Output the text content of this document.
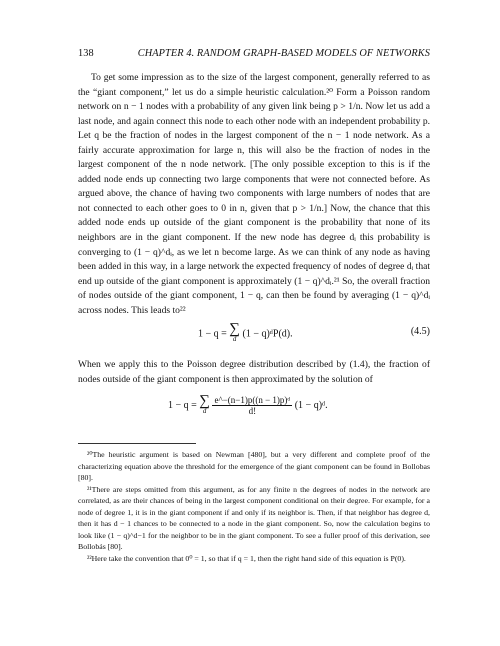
138	CHAPTER 4. RANDOM GRAPH-BASED MODELS OF NETWORKS

To get some impression as to the size of the largest component, generally referred to as the “giant component,” let us do a simple heuristic calculation.²⁰ Form a Poisson random network on n − 1 nodes with a probability of any given link being p > 1/n. Now let us add a last node, and again connect this node to each other node with an independent probability p. Let q be the fraction of nodes in the largest component of the n − 1 node network. As a fairly accurate approximation for large n, this will also be the fraction of nodes in the largest component of the n node network. [The only possible exception to this is if the added node ends up connecting two large components that were not connected before. As argued above, the chance of having two components with large numbers of nodes that are not connected to each other goes to 0 in n, given that p > 1/n.] Now, the chance that this added node ends up outside of the giant component is the probability that none of its neighbors are in the giant component. If the new node has degree dᵢ this probability is converging to (1 − q)^dᵢ, as we let n become large. As we can think of any node as having been added in this way, in a large network the expected frequency of nodes of degree dᵢ that end up outside of the giant component is approximately (1 − q)^dᵢ.²¹ So, the overall fraction of nodes outside of the giant component, 1 − q, can then be found by averaging (1 − q)^dᵢ across nodes. This leads to²²

1 − q = ∑
d (1 − q)ᵈP(d).	(4.5)

When we apply this to the Poisson degree distribution described by (1.4), the fraction of nodes outside of the giant component is then approximated by the solution of

1 − q = ∑
d
$\frac{\text{e\textasciicircum{}−(n−1)p((n − 1)p)ᵈ}}{d!} (1$ − q)ᵈ.

²⁰The heuristic argument is based on Newman [480], but a very different and complete proof of the characterizing equation above the threshold for the emergence of the giant component can be found in Bollobas [80].

²¹There are steps omitted from this argument, as for any finite n the degrees of nodes in the network are correlated, as are their chances of being in the largest component conditional on their degree. For example, for a node of degree 1, it is in the giant component if and only if its neighbor is. Then, if that neighbor has degree d, then it has d − 1 chances to be connected to a node in the giant component. So, now the calculation begins to look like (1 − q)^d−1 for the neighbor to be in the giant component. To see a fuller proof of this derivation, see Bollobás [80].

²²Here take the convention that 0⁰ = 1, so that if q = 1, then the right hand side of this equation is P(0).
